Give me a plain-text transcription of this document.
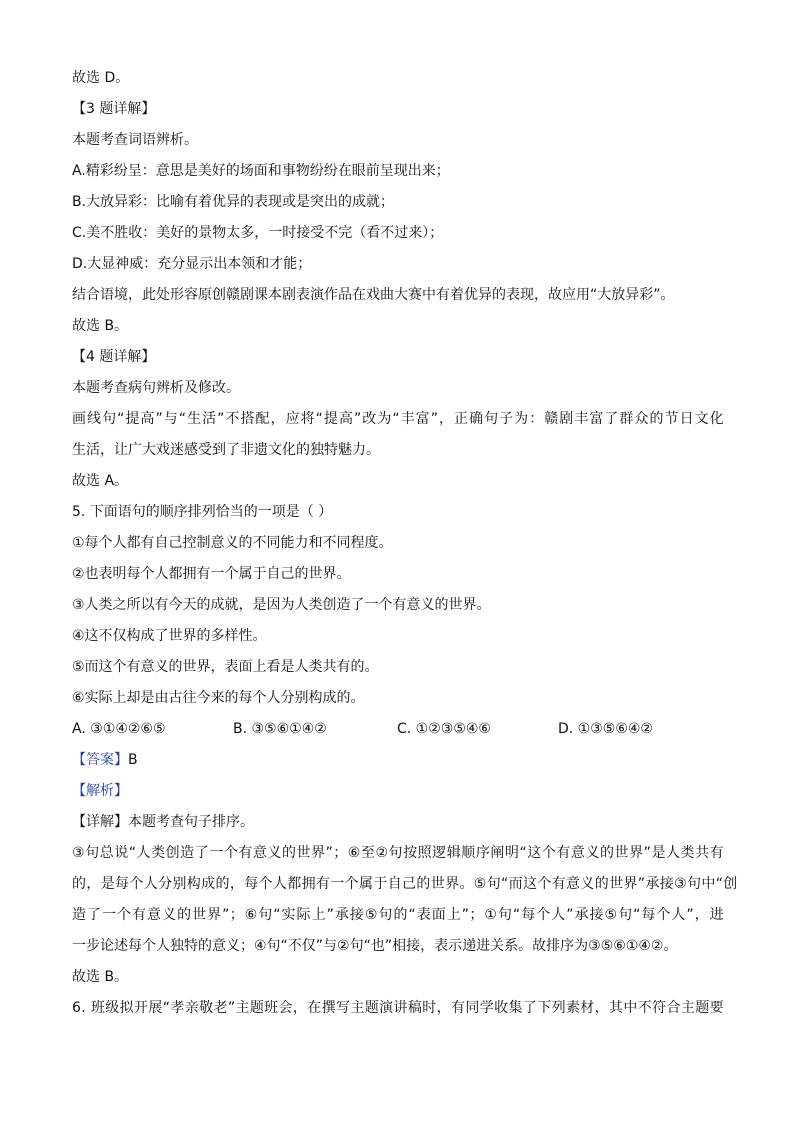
故选 D。
【3 题详解】
本题考查词语辨析。
A.精彩纷呈：意思是美好的场面和事物纷纷在眼前呈现出来；
B.大放异彩：比喻有着优异的表现或是突出的成就；
C.美不胜收：美好的景物太多，一时接受不完（看不过来）；
D.大显神威：充分显示出本领和才能；
结合语境，此处形容原创赣剧课本剧表演作品在戏曲大赛中有着优异的表现，故应用“大放异彩”。
故选 B。
【4 题详解】
本题考查病句辨析及修改。
画线句“提高”与“生活”不搭配，应将“提高”改为“丰富”，正确句子为：赣剧丰富了群众的节日文化
生活，让广大戏迷感受到了非遗文化的独特魅力。
故选 A。
5. 下面语句的顺序排列恰当的一项是（ ）
①每个人都有自己控制意义的不同能力和不同程度。
②也表明每个人都拥有一个属于自己的世界。
③人类之所以有今天的成就，是因为人类创造了一个有意义的世界。
④这不仅构成了世界的多样性。
⑤而这个有意义的世界，表面上看是人类共有的。
⑥实际上却是由古往今来的每个人分别构成的。
A. ③①④②⑥⑤	B. ③⑤⑥①④②	C. ①②③⑤④⑥	D. ①③⑤⑥④②
【答案】B
【解析】
【详解】本题考查句子排序。
③句总说“人类创造了一个有意义的世界”；⑥至②句按照逻辑顺序阐明“这个有意义的世界”是人类共有
的，是每个人分别构成的，每个人都拥有一个属于自己的世界。⑤句“而这个有意义的世界”承接③句中“创
造了一个有意义的世界”；⑥句“实际上”承接⑤句的“表面上”；①句“每个人”承接⑤句“每个人”，进
一步论述每个人独特的意义；④句“不仅”与②句“也”相接，表示递进关系。故排序为③⑤⑥①④②。
故选 B。
6. 班级拟开展“孝亲敬老”主题班会，在撰写主题演讲稿时，有同学收集了下列素材，其中不符合主题要
